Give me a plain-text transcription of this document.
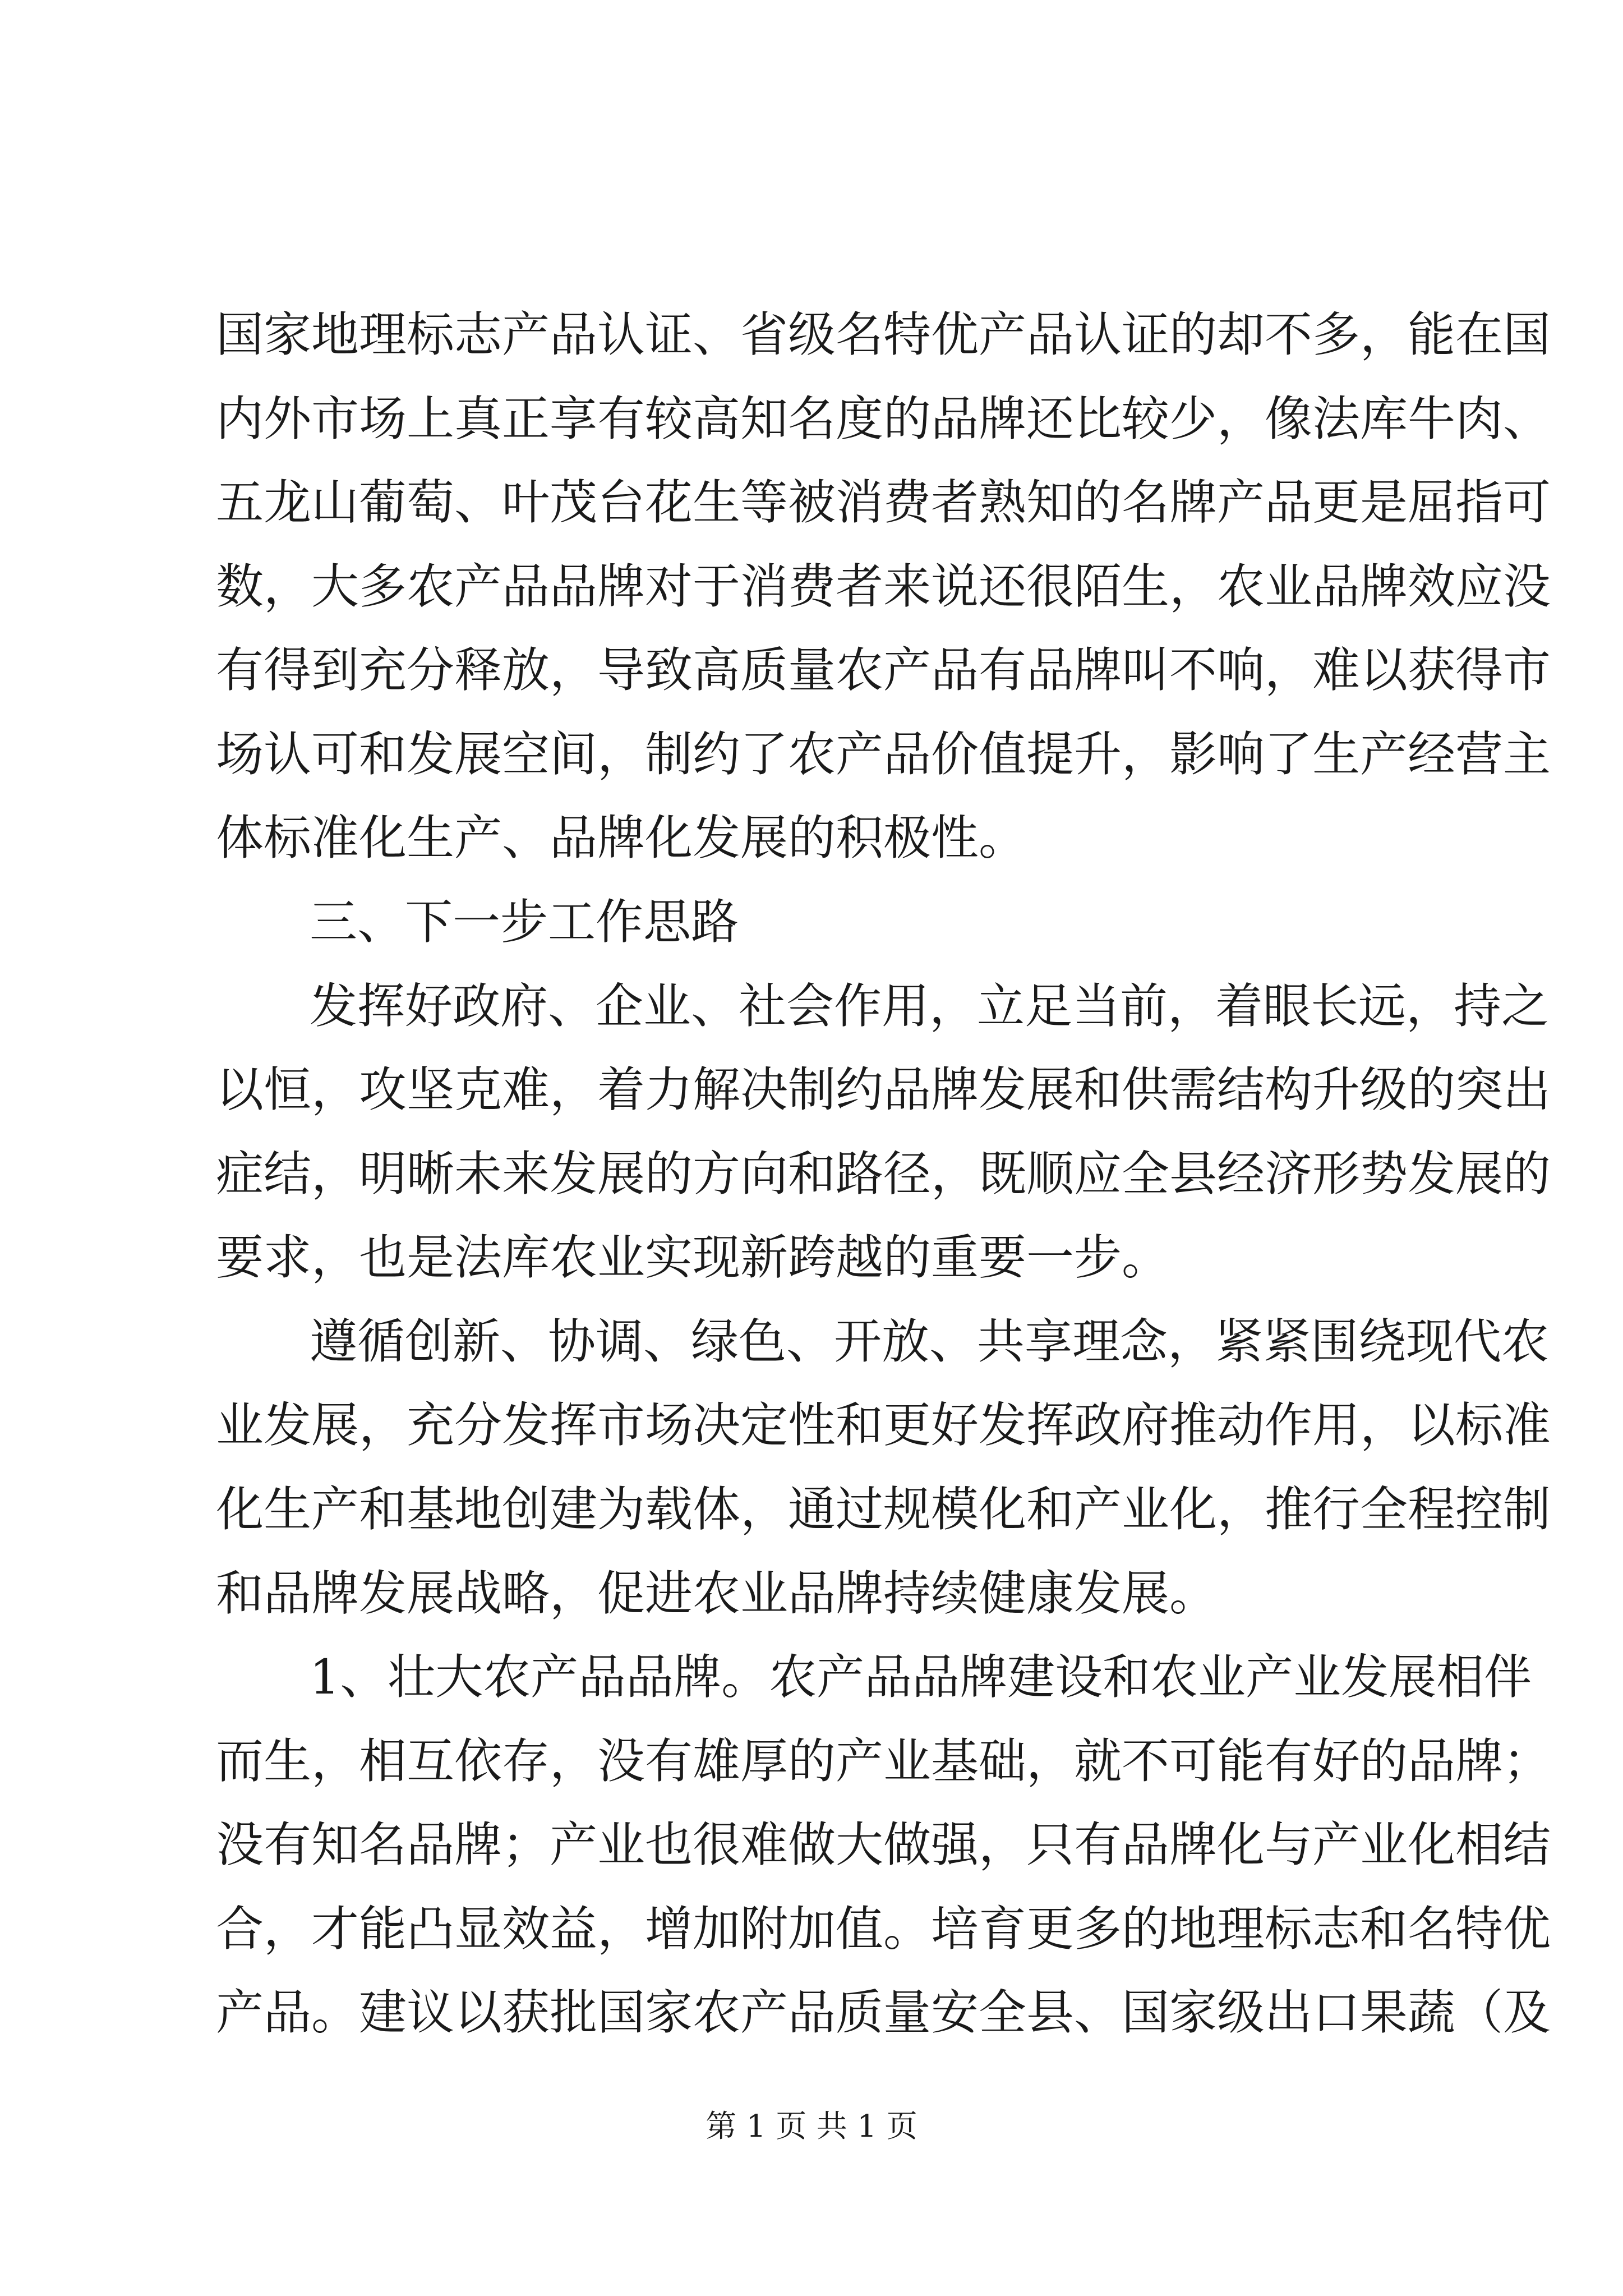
国家地理标志产品认证、省级名特优产品认证的却不多，能在国
内外市场上真正享有较高知名度的品牌还比较少，像法库牛肉、
五龙山葡萄、叶茂台花生等被消费者熟知的名牌产品更是屈指可
数，大多农产品品牌对于消费者来说还很陌生，农业品牌效应没
有得到充分释放，导致高质量农产品有品牌叫不响，难以获得市
场认可和发展空间，制约了农产品价值提升，影响了生产经营主
体标准化生产、品牌化发展的积极性。
三、下一步工作思路
发挥好政府、企业、社会作用，立足当前，着眼长远，持之
以恒，攻坚克难，着力解决制约品牌发展和供需结构升级的突出
症结，明晰未来发展的方向和路径，既顺应全县经济形势发展的
要求，也是法库农业实现新跨越的重要一步。
遵循创新、协调、绿色、开放、共享理念，紧紧围绕现代农
业发展，充分发挥市场决定性和更好发挥政府推动作用，以标准
化生产和基地创建为载体，通过规模化和产业化，推行全程控制
和品牌发展战略，促进农业品牌持续健康发展。
1、壮大农产品品牌。农产品品牌建设和农业产业发展相伴
而生，相互依存，没有雄厚的产业基础，就不可能有好的品牌；
没有知名品牌；产业也很难做大做强，只有品牌化与产业化相结
合，才能凸显效益，增加附加值。培育更多的地理标志和名特优
产品。建议以获批国家农产品质量安全县、国家级出口果蔬（及
第 1 页 共 1 页
